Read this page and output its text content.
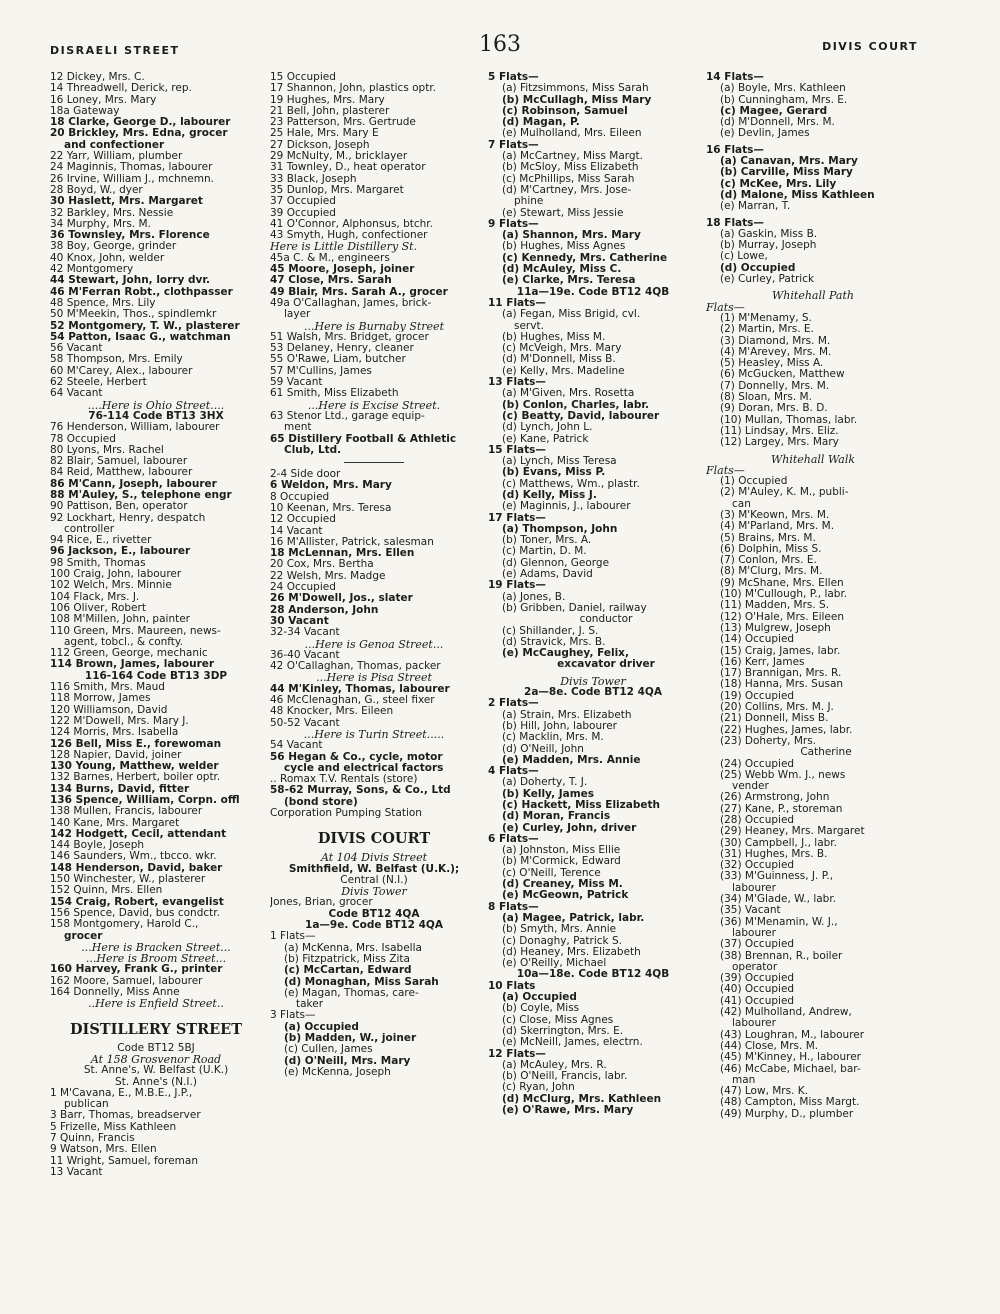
DISRAELI STREET	163	DIVIS COURT
12 Dickey, Mrs. C.
14 Threadwell, Derick, rep.
16 Loney, Mrs. Mary
18a Gateway
18 Clarke, George D., labourer
20 Brickley, Mrs. Edna, grocer
and confectioner
22 Yarr, William, plumber
24 Maginnis, Thomas, labourer
26 Irvine, William J., mchnemn.
28 Boyd, W., dyer
30 Haslett, Mrs. Margaret
32 Barkley, Mrs. Nessie
34 Murphy, Mrs. M.
36 Townsley, Mrs. Florence
38 Boy, George, grinder
40 Knox, John, welder
42 Montgomery
44 Stewart, John, lorry dvr.
46 M'Ferran Robt., clothpasser
48 Spence, Mrs. Lily
50 M'Meekin, Thos., spindlemkr
52 Montgomery, T. W., plasterer
54 Patton, Isaac G., watchman
56 Vacant
58 Thompson, Mrs. Emily
60 M'Carey, Alex., labourer
62 Steele, Herbert
64 Vacant
....Here is Ohio Street....
76-114 Code BT13 3HX
76 Henderson, William, labourer
78 Occupied
80 Lyons, Mrs. Rachel
82 Blair, Samuel, labourer
84 Reid, Matthew, labourer
86 M'Cann, Joseph, labourer
88 M'Auley, S., telephone engr
90 Pattison, Ben, operator
92 Lockhart, Henry, despatch
controller
94 Rice, E., rivetter
96 Jackson, E., labourer
98 Smith, Thomas
100 Craig, John, labourer
102 Welch, Mrs. Minnie
104 Flack, Mrs. J.
106 Oliver, Robert
108 M'Millen, John, painter
110 Green, Mrs. Maureen, news-
agent, tobcl., & confty.
112 Green, George, mechanic
114 Brown, James, labourer
116-164 Code BT13 3DP
116 Smith, Mrs. Maud
118 Morrow, James
120 Williamson, David
122 M'Dowell, Mrs. Mary J.
124 Morris, Mrs. Isabella
126 Bell, Miss E., forewoman
128 Napier, David, joiner
130 Young, Matthew, welder
132 Barnes, Herbert, boiler optr.
134 Burns, David, fitter
136 Spence, William, Corpn. offl
138 Mullen, Francis, labourer
140 Kane, Mrs. Margaret
142 Hodgett, Cecil, attendant
144 Boyle, Joseph
146 Saunders, Wm., tbcco. wkr.
148 Henderson, David, baker
150 Winchester, W., plasterer
152 Quinn, Mrs. Ellen
154 Craig, Robert, evangelist
156 Spence, David, bus condctr.
158 Montgomery, Harold C.,
grocer
...Here is Bracken Street...
...Here is Broom Street...
160 Harvey, Frank G., printer
162 Moore, Samuel, labourer
164 Donnelly, Miss Anne
..Here is Enfield Street..
DISTILLERY STREET
Code BT12 5BJ
At 158 Grosvenor Road
St. Anne's, W. Belfast (U.K.)
St. Anne's (N.I.)
1 M'Cavana, E., M.B.E., J.P.,
publican
3 Barr, Thomas, breadserver
5 Frizelle, Miss Kathleen
7 Quinn, Francis
9 Watson, Mrs. Ellen
11 Wright, Samuel, foreman
13 Vacant
15 Occupied
17 Shannon, John, plastics optr.
19 Hughes, Mrs. Mary
21 Bell, John, plasterer
23 Patterson, Mrs. Gertrude
25 Hale, Mrs. Mary E
27 Dickson, Joseph
29 McNulty, M., bricklayer
31 Townley, D., heat operator
33 Black, Joseph
35 Dunlop, Mrs. Margaret
37 Occupied
39 Occupied
41 O'Connor, Alphonsus, btchr.
43 Smyth, Hugh, confectioner
Here is Little Distillery St.
45a C. & M., engineers
45 Moore, Joseph, joiner
47 Close, Mrs. Sarah
49 Blair, Mrs. Sarah A., grocer
49a O'Callaghan, James, brick-
layer
...Here is Burnaby Street
51 Walsh, Mrs. Bridget, grocer
53 Delaney, Henry, cleaner
55 O'Rawe, Liam, butcher
57 M'Cullins, James
59 Vacant
61 Smith, Miss Elizabeth
...Here is Excise Street.
63 Stenor Ltd., garage equip-
ment
65 Distillery Football & Athletic
Club, Ltd.
2-4 Side door
6 Weldon, Mrs. Mary
8 Occupied
10 Keenan, Mrs. Teresa
12 Occupied
14 Vacant
16 M'Allister, Patrick, salesman
18 McLennan, Mrs. Ellen
20 Cox, Mrs. Bertha
22 Welsh, Mrs. Madge
24 Occupied
26 M'Dowell, Jos., slater
28 Anderson, John
30 Vacant
32-34 Vacant
...Here is Genoa Street...
36-40 Vacant
42 O'Callaghan, Thomas, packer
...Here is Pisa Street
44 M'Kinley, Thomas, labourer
46 McClenaghan, G., steel fixer
48 Knocker, Mrs. Eileen
50-52 Vacant
...Here is Turin Street.....
54 Vacant
56 Hegan & Co., cycle, motor
cycle and electrical factors
.. Romax T.V. Rentals (store)
58-62 Murray, Sons, & Co., Ltd
(bond store)
Corporation Pumping Station
DIVIS COURT
At 104 Divis Street
Smithfield, W. Belfast (U.K.);
Central (N.I.)
Divis Tower
Jones, Brian, grocer
Code BT12 4QA
1a—9e. Code BT12 4QA
1 Flats—
(a) McKenna, Mrs. Isabella
(b) Fitzpatrick, Miss Zita
(c) McCartan, Edward
(d) Monaghan, Miss Sarah
(e) Magan, Thomas, care-
taker
3 Flats—
(a) Occupied
(b) Madden, W., joiner
(c) Cullen, James
(d) O'Neill, Mrs. Mary
(e) McKenna, Joseph
5 Flats—
(a) Fitzsimmons, Miss Sarah
(b) McCullagh, Miss Mary
(c) Robinson, Samuel
(d) Magan, P.
(e) Mulholland, Mrs. Eileen
7 Flats—
(a) McCartney, Miss Margt.
(b) McSloy, Miss Elizabeth
(c) McPhillips, Miss Sarah
(d) M'Cartney, Mrs. Jose-
phine
(e) Stewart, Miss Jessie
9 Flats—
(a) Shannon, Mrs. Mary
(b) Hughes, Miss Agnes
(c) Kennedy, Mrs. Catherine
(d) McAuley, Miss C.
(e) Clarke, Mrs. Teresa
11a—19e. Code BT12 4QB
11 Flats—
(a) Fegan, Miss Brigid, cvl.
servt.
(b) Hughes, Miss M.
(c) McVeigh, Mrs. Mary
(d) M'Donnell, Miss B.
(e) Kelly, Mrs. Madeline
13 Flats—
(a) M'Given, Mrs. Rosetta
(b) Conlon, Charles, labr.
(c) Beatty, David, labourer
(d) Lynch, John L.
(e) Kane, Patrick
15 Flats—
(a) Lynch, Miss Teresa
(b) Evans, Miss P.
(c) Matthews, Wm., plastr.
(d) Kelly, Miss J.
(e) Maginnis, J., labourer
17 Flats—
(a) Thompson, John
(b) Toner, Mrs. A.
(c) Martin, D. M.
(d) Glennon, George
(e) Adams, David
19 Flats—
(a) Jones, B.
(b) Gribben, Daniel, railway
conductor
(c) Shillander, J. S.
(d) Stravick, Mrs. B.
(e) McCaughey, Felix,
excavator driver
Divis Tower
2a—8e. Code BT12 4QA
2 Flats—
(a) Strain, Mrs. Elizabeth
(b) Hill, John, labourer
(c) Macklin, Mrs. M.
(d) O'Neill, John
(e) Madden, Mrs. Annie
4 Flats—
(a) Doherty, T. J.
(b) Kelly, James
(c) Hackett, Miss Elizabeth
(d) Moran, Francis
(e) Curley, John, driver
6 Flats—
(a) Johnston, Miss Ellie
(b) M'Cormick, Edward
(c) O'Neill, Terence
(d) Creaney, Miss M.
(e) McGeown, Patrick
8 Flats—
(a) Magee, Patrick, labr.
(b) Smyth, Mrs. Annie
(c) Donaghy, Patrick S.
(d) Heaney, Mrs. Elizabeth
(e) O'Reilly, Michael
10a—18e. Code BT12 4QB
10 Flats
(a) Occupied
(b) Coyle, Miss
(c) Close, Miss Agnes
(d) Skerrington, Mrs. E.
(e) McNeill, James, electrn.
12 Flats—
(a) McAuley, Mrs. R.
(b) O'Neill, Francis, labr.
(c) Ryan, John
(d) McClurg, Mrs. Kathleen
(e) O'Rawe, Mrs. Mary
14 Flats—
(a) Boyle, Mrs. Kathleen
(b) Cunningham, Mrs. E.
(c) Magee, Gerard
(d) M'Donnell, Mrs. M.
(e) Devlin, James
16 Flats—
(a) Canavan, Mrs. Mary
(b) Carville, Miss Mary
(c) McKee, Mrs. Lily
(d) Malone, Miss Kathleen
(e) Marran, T.
18 Flats—
(a) Gaskin, Miss B.
(b) Murray, Joseph
(c) Lowe,
(d) Occupied
(e) Curley, Patrick
Whitehall Path
Flats—
(1) M'Menamy, S.
(2) Martin, Mrs. E.
(3) Diamond, Mrs. M.
(4) M'Arevey, Mrs. M.
(5) Heasley, Miss A.
(6) McGucken, Matthew
(7) Donnelly, Mrs. M.
(8) Sloan, Mrs. M.
(9) Doran, Mrs. B. D.
(10) Mullan, Thomas, labr.
(11) Lindsay, Mrs. Eliz.
(12) Largey, Mrs. Mary
Whitehall Walk
Flats—
(1) Occupied
(2) M'Auley, K. M., publi-
can
(3) M'Keown, Mrs. M.
(4) M'Parland, Mrs. M.
(5) Brains, Mrs. M.
(6) Dolphin, Miss S.
(7) Conlon, Mrs. E.
(8) M'Clurg, Mrs. M.
(9) McShane, Mrs. Ellen
(10) M'Cullough, P., labr.
(11) Madden, Mrs. S.
(12) O'Hale, Mrs. Eileen
(13) Mulgrew, Joseph
(14) Occupied
(15) Craig, James, labr.
(16) Kerr, James
(17) Brannigan, Mrs. R.
(18) Hanna, Mrs. Susan
(19) Occupied
(20) Collins, Mrs. M. J.
(21) Donnell, Miss B.
(22) Hughes, James, labr.
(23) Doherty, Mrs.
Catherine
(24) Occupied
(25) Webb Wm. J., news
vender
(26) Armstrong, John
(27) Kane, P., storeman
(28) Occupied
(29) Heaney, Mrs. Margaret
(30) Campbell, J., labr.
(31) Hughes, Mrs. B.
(32) Occupied
(33) M'Guinness, J. P.,
labourer
(34) M'Glade, W., labr.
(35) Vacant
(36) M'Menamin, W. J.,
labourer
(37) Occupied
(38) Brennan, R., boiler
operator
(39) Occupied
(40) Occupied
(41) Occupied
(42) Mulholland, Andrew,
labourer
(43) Loughran, M., labourer
(44) Close, Mrs. M.
(45) M'Kinney, H., labourer
(46) McCabe, Michael, bar-
man
(47) Low, Mrs. K.
(48) Campton, Miss Margt.
(49) Murphy, D., plumber
